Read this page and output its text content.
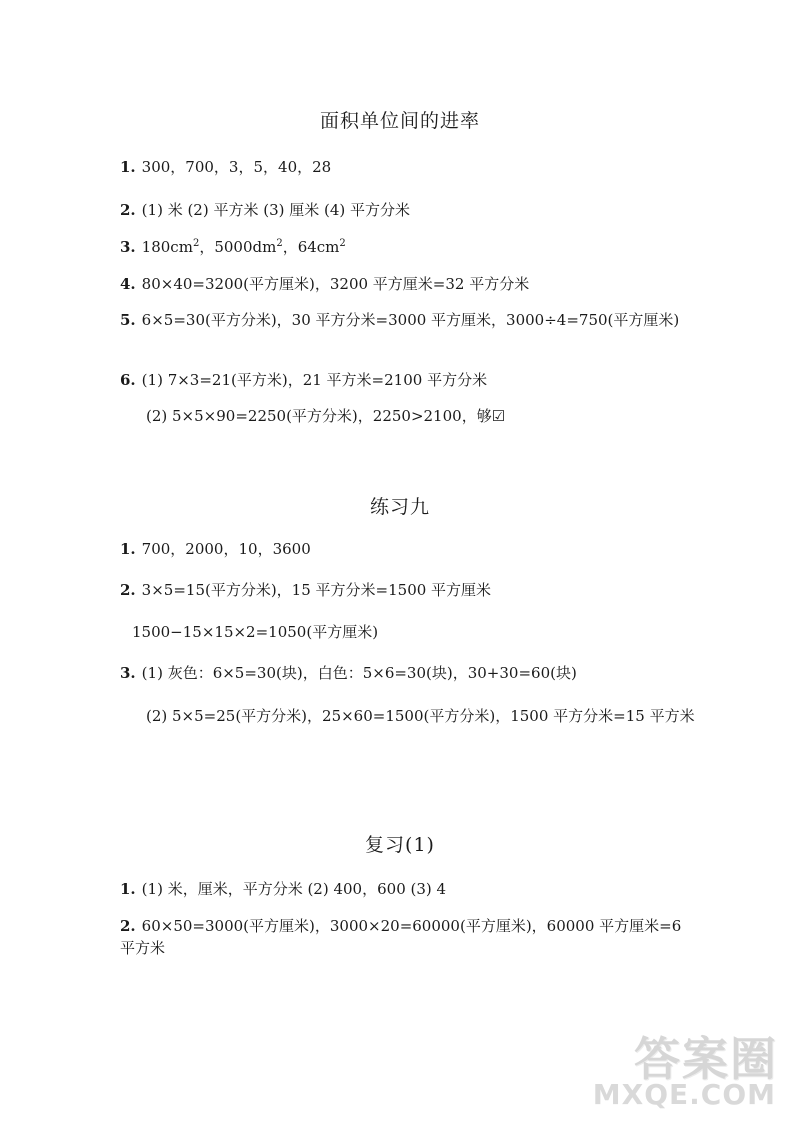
面积单位间的进率
1. 300，700，3，5，40，28
2. (1) 米 (2) 平方米 (3) 厘米 (4) 平方分米
3. $180cm^2$，$5000dm^2$，$64cm^2$
4. 80×40=3200(平方厘米)，3200 平方厘米=32 平方分米
5. 6×5=30(平方分米)，30 平方分米=3000 平方厘米，3000÷4=750(平方厘米)
6. (1) 7×3=21(平方米)，21 平方米=2100 平方分米
(2) 5×5×90=2250(平方分米)，2250>2100，够☑
练习九
1. 700，2000，10，3600
2. 3×5=15(平方分米)，15 平方分米=1500 平方厘米
1500−15×15×2=1050(平方厘米)
3. (1) 灰色：6×5=30(块)，白色：5×6=30(块)，30+30=60(块)
(2) 5×5=25(平方分米)，25×60=1500(平方分米)，1500 平方分米=15 平方米
复习(1)
1. (1) 米，厘米，平方分米 (2) 400，600 (3) 4
2. 60×50=3000(平方厘米)，3000×20=60000(平方厘米)，60000 平方厘米=6 平方米
答案圈
MXQE.COM
